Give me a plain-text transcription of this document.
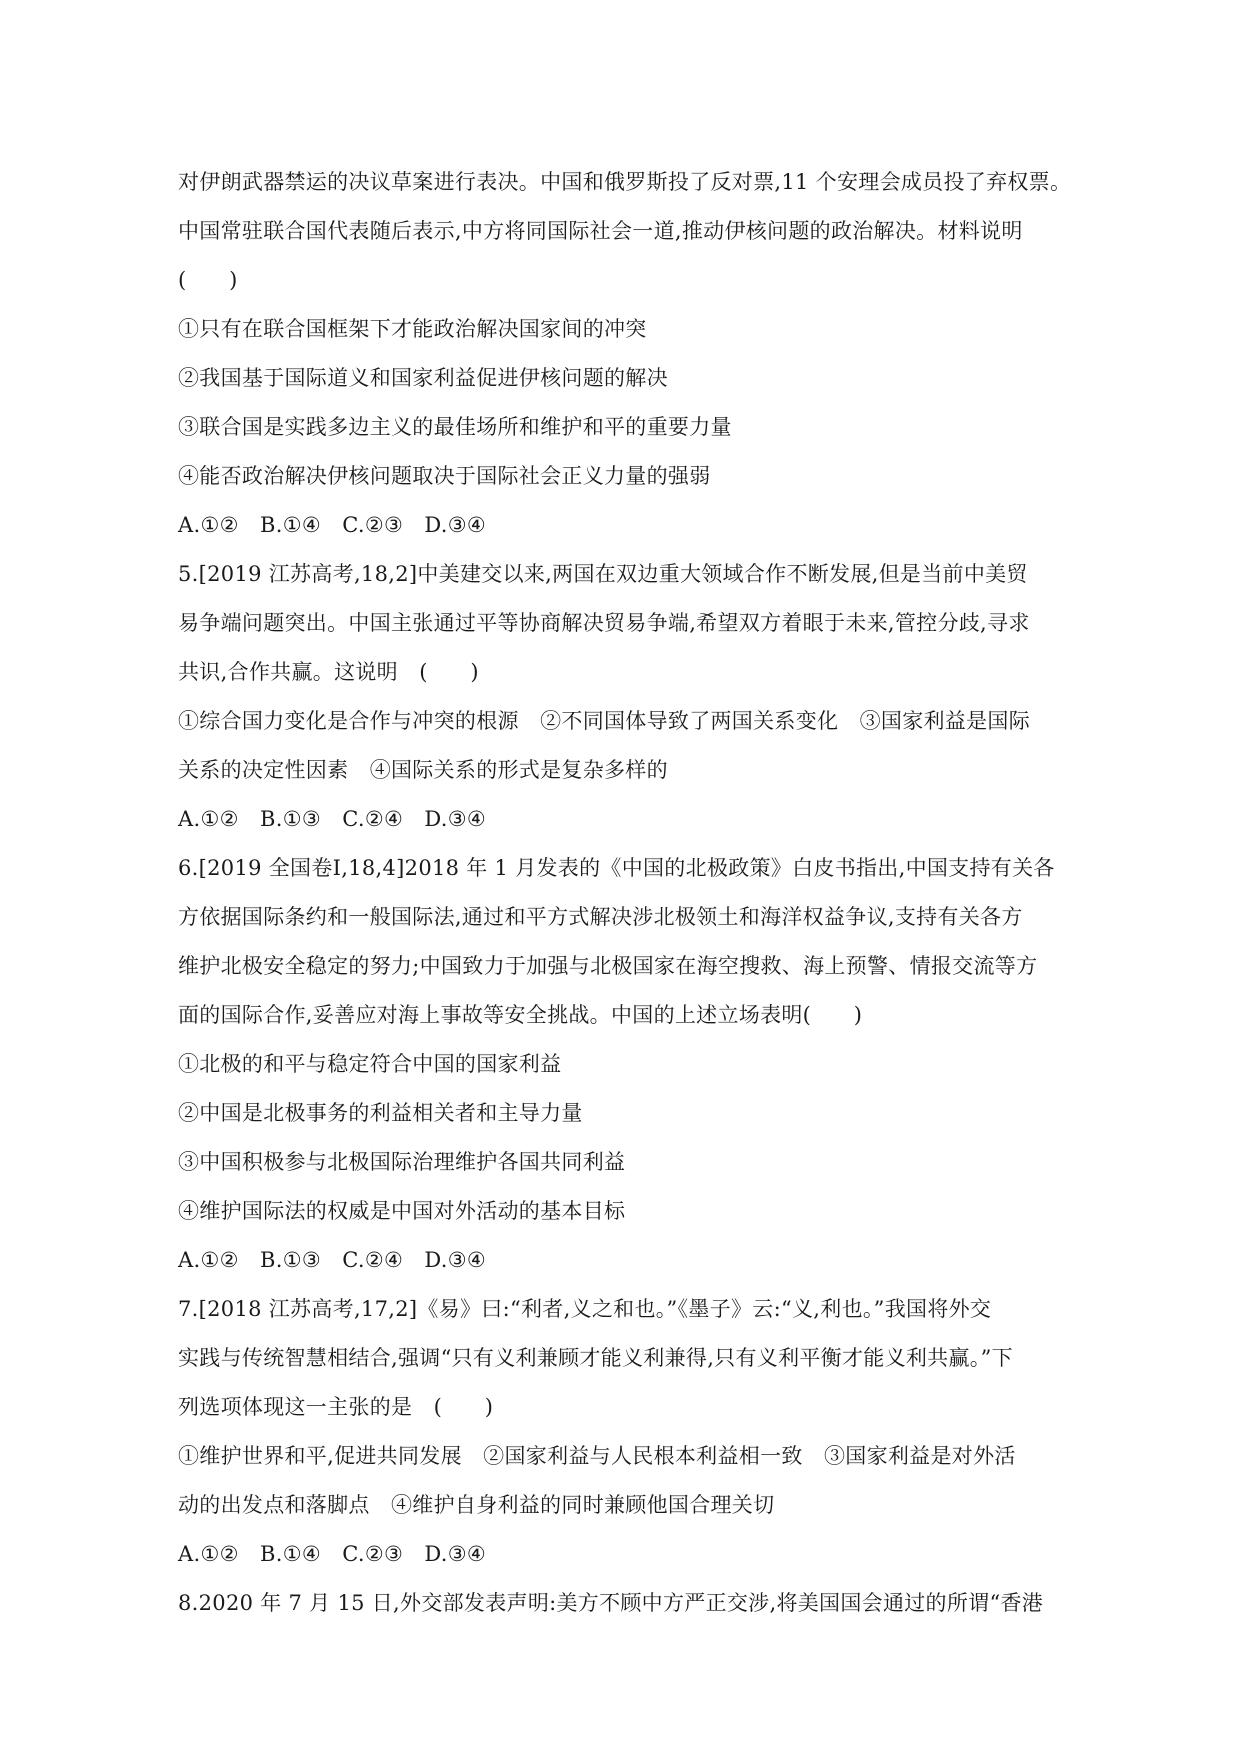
对伊朗武器禁运的决议草案进行表决。中国和俄罗斯投了反对票,11 个安理会成员投了弃权票。
中国常驻联合国代表随后表示,中方将同国际社会一道,推动伊核问题的政治解决。材料说明
(　　)
①只有在联合国框架下才能政治解决国家间的冲突
②我国基于国际道义和国家利益促进伊核问题的解决
③联合国是实践多边主义的最佳场所和维护和平的重要力量
④能否政治解决伊核问题取决于国际社会正义力量的强弱
A.①②　B.①④　C.②③　D.③④
5.[2019 江苏高考,18,2]中美建交以来,两国在双边重大领域合作不断发展,但是当前中美贸
易争端问题突出。中国主张通过平等协商解决贸易争端,希望双方着眼于未来,管控分歧,寻求
共识,合作共赢。这说明　(　　)
①综合国力变化是合作与冲突的根源　②不同国体导致了两国关系变化　③国家利益是国际
关系的决定性因素　④国际关系的形式是复杂多样的
A.①②　B.①③　C.②④　D.③④
6.[2019 全国卷Ⅰ,18,4]2018 年 1 月发表的《中国的北极政策》白皮书指出,中国支持有关各
方依据国际条约和一般国际法,通过和平方式解决涉北极领土和海洋权益争议,支持有关各方
维护北极安全稳定的努力;中国致力于加强与北极国家在海空搜救、海上预警、情报交流等方
面的国际合作,妥善应对海上事故等安全挑战。中国的上述立场表明(　　)
①北极的和平与稳定符合中国的国家利益
②中国是北极事务的利益相关者和主导力量
③中国积极参与北极国际治理维护各国共同利益
④维护国际法的权威是中国对外活动的基本目标
A.①②　B.①③　C.②④　D.③④
7.[2018 江苏高考,17,2]《易》曰:“利者,义之和也。”《墨子》云:“义,利也。”我国将外交
实践与传统智慧相结合,强调“只有义利兼顾才能义利兼得,只有义利平衡才能义利共赢。”下
列选项体现这一主张的是　(　　)
①维护世界和平,促进共同发展　②国家利益与人民根本利益相一致　③国家利益是对外活
动的出发点和落脚点　④维护自身利益的同时兼顾他国合理关切
A.①②　B.①④　C.②③　D.③④
8.2020 年 7 月 15 日,外交部发表声明:美方不顾中方严正交涉,将美国国会通过的所谓“香港
